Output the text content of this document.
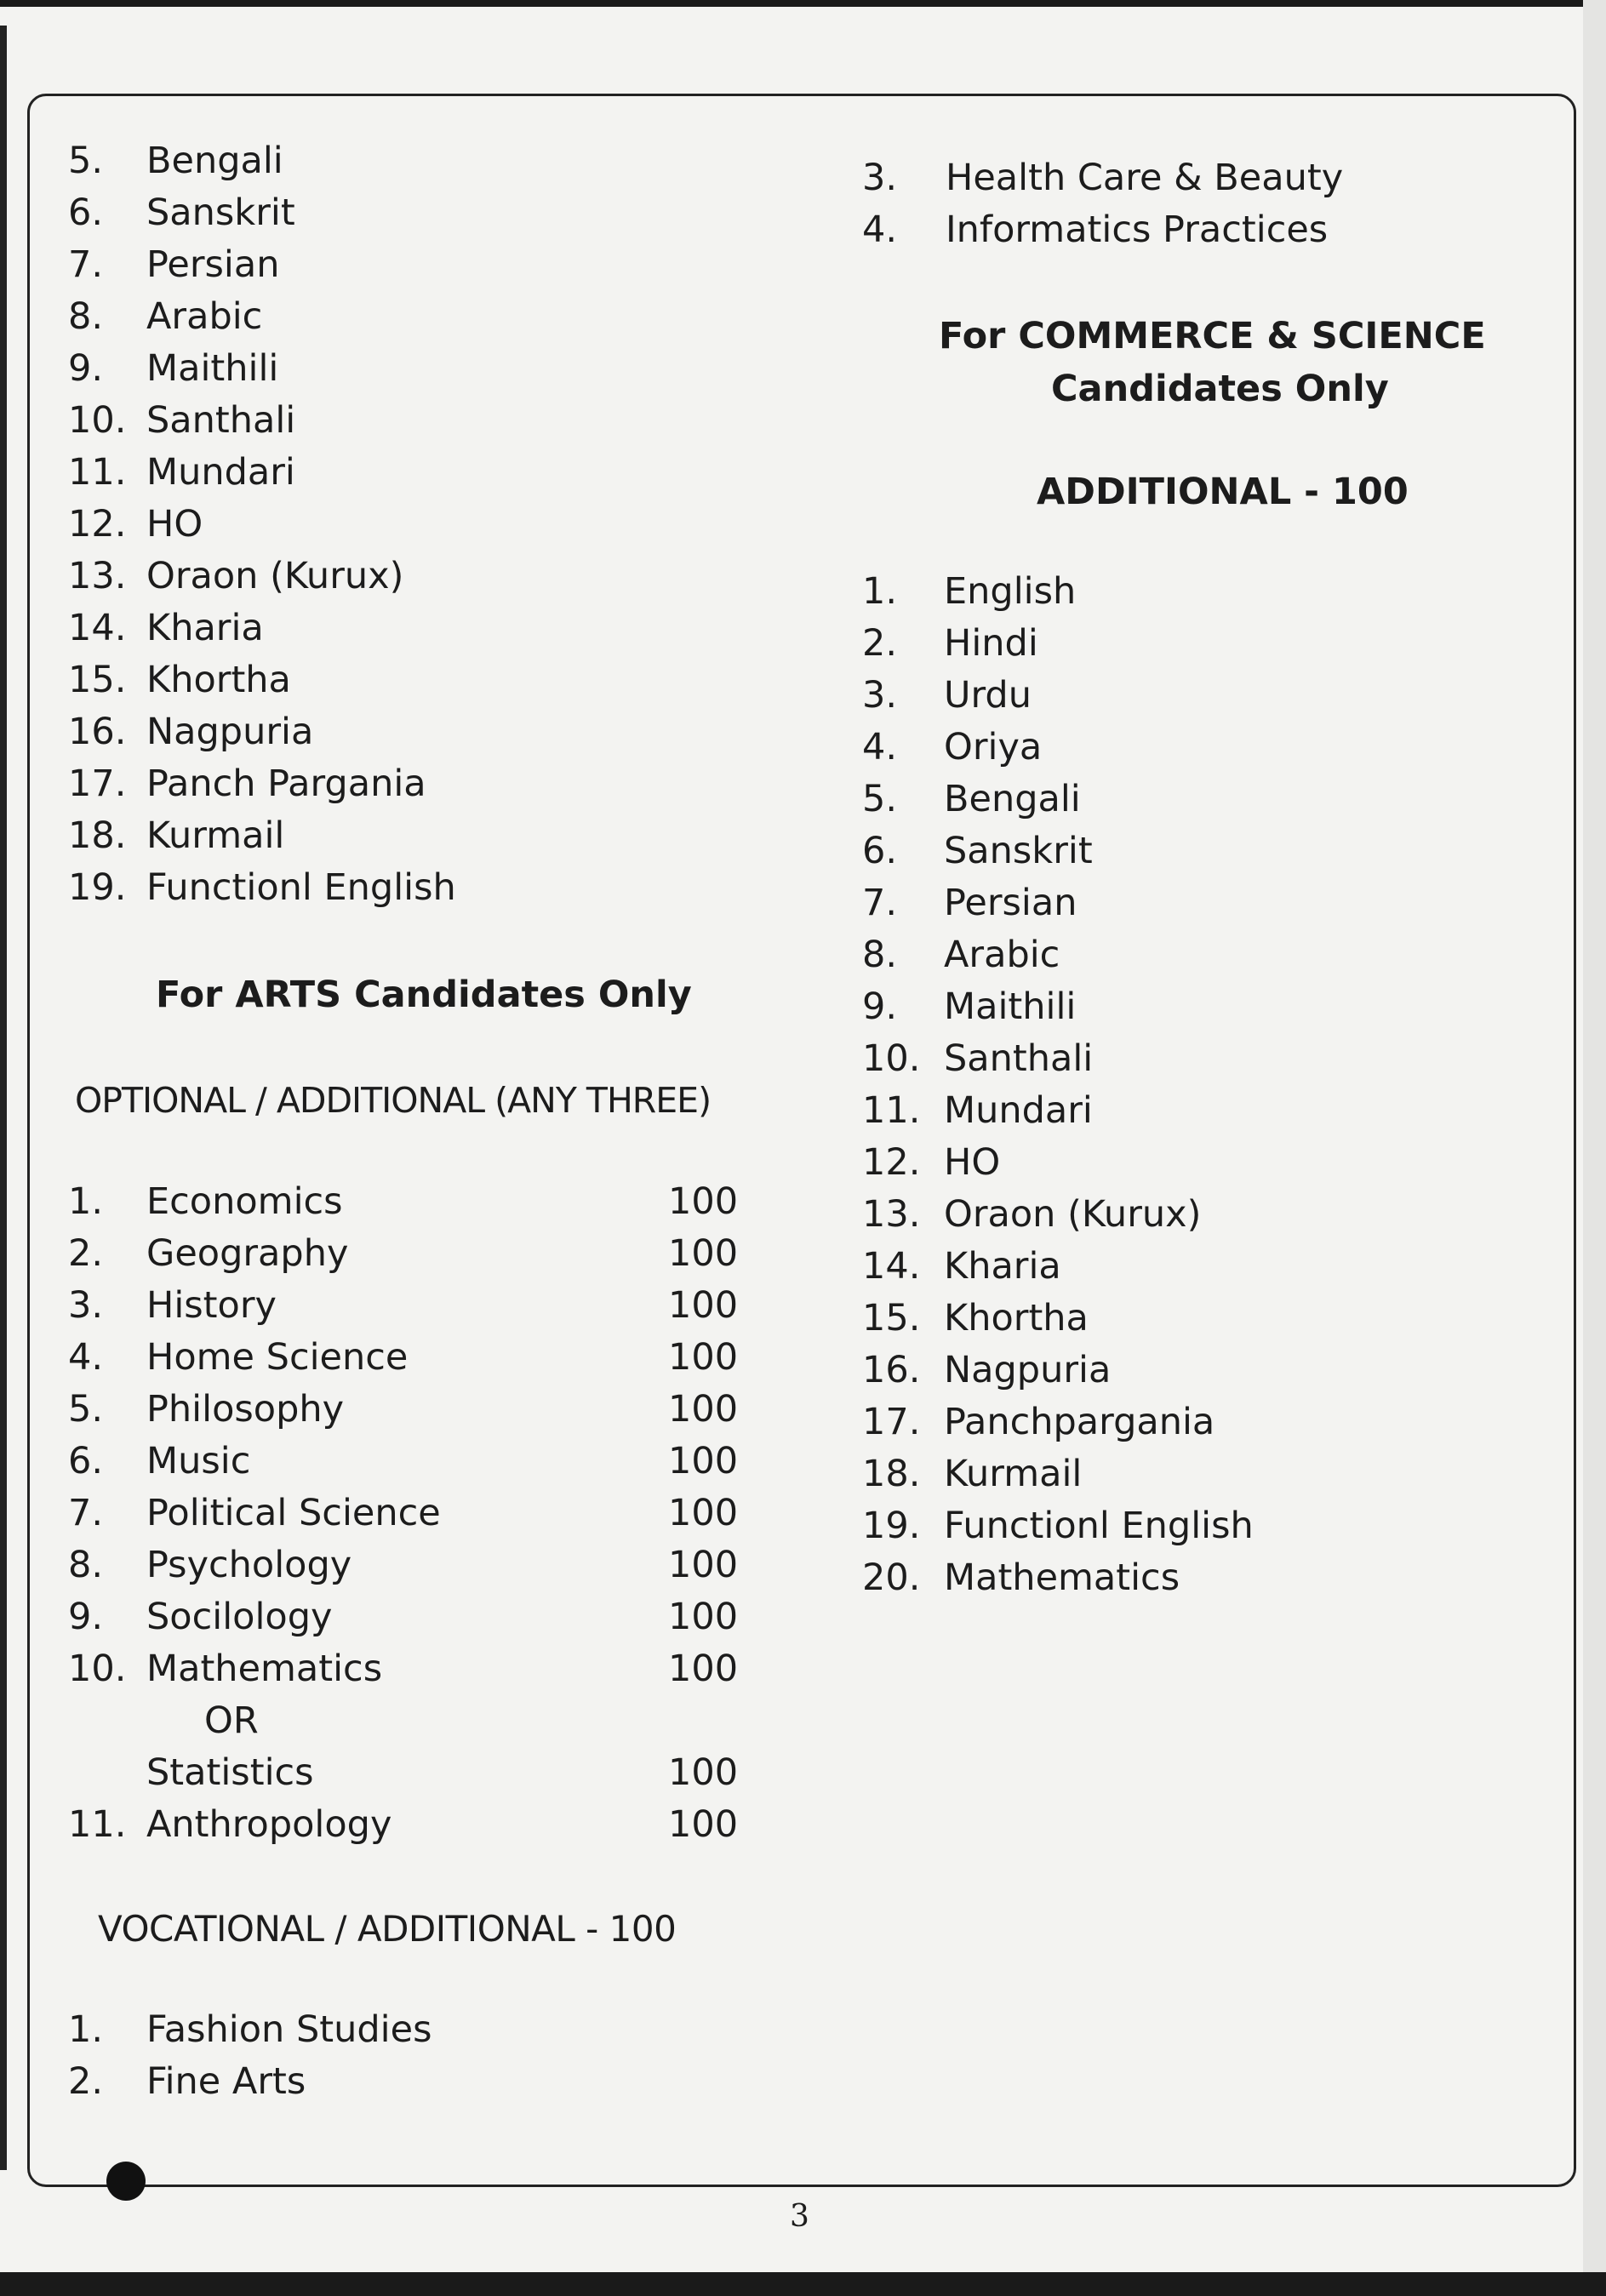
5.	Bengali
6.	Sanskrit
7.	Persian
8.	Arabic
9.	Maithili
10. Santhali
11. Mundari
12. HO
13. Oraon (Kurux)
14. Kharia
15. Khortha
16. Nagpuria
17. Panch Pargania
18. Kurmail
19. Functionl English
For ARTS Candidates Only
OPTIONAL / ADDITIONAL (ANY THREE)
1.	Economics	100
2.	Geography	100
3.	History	100
4.	Home Science	100
5.	Philosophy	100
6.	Music	100
7.	Political Science	100
8.	Psychology	100
9.	Socilology	100
10. Mathematics	100
OR
Statistics	100
11. Anthropology	100
VOCATIONAL / ADDITIONAL - 100
1.	Fashion Studies
2.	Fine Arts
3.	Health Care & Beauty
4.	Informatics Practices
For COMMERCE & SCIENCE
Candidates Only
ADDITIONAL - 100
1.	English
2.	Hindi
3.	Urdu
4.	Oriya
5.	Bengali
6.	Sanskrit
7.	Persian
8.	Arabic
9.	Maithili
10. Santhali
11. Mundari
12. HO
13. Oraon (Kurux)
14. Kharia
15. Khortha
16. Nagpuria
17. Panchpargania
18. Kurmail
19. Functionl English
20. Mathematics
3
